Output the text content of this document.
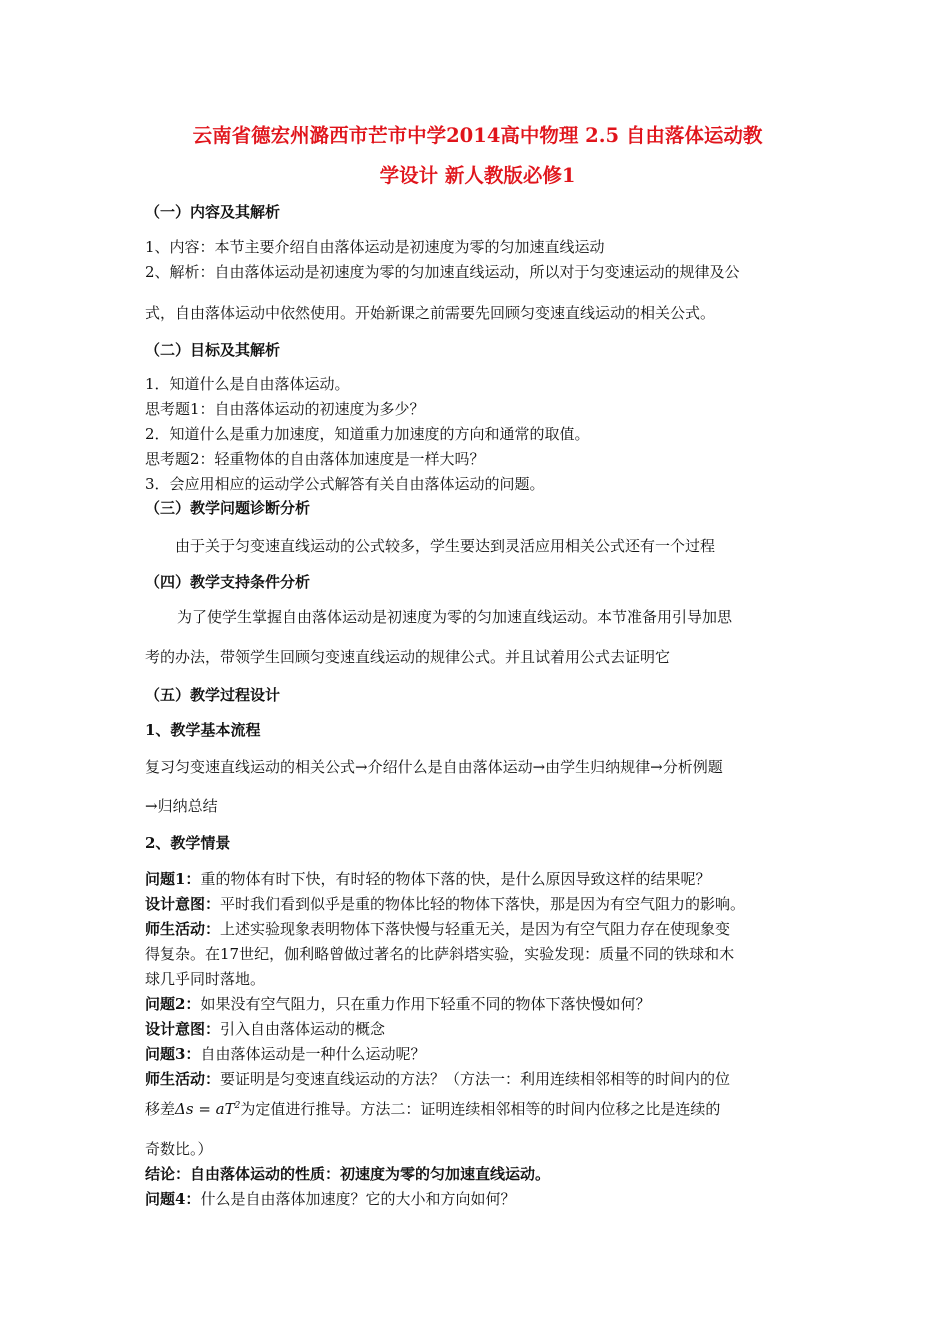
云南省德宏州潞西市芒市中学2014高中物理 2.5 自由落体运动教
学设计 新人教版必修1
（一）内容及其解析
1、内容：本节主要介绍自由落体运动是初速度为零的匀加速直线运动
2、解析：自由落体运动是初速度为零的匀加速直线运动，所以对于匀变速运动的规律及公
式，自由落体运动中依然使用。开始新课之前需要先回顾匀变速直线运动的相关公式。
（二）目标及其解析
1．知道什么是自由落体运动。
思考题1：自由落体运动的初速度为多少？
2．知道什么是重力加速度，知道重力加速度的方向和通常的取值。
思考题2：轻重物体的自由落体加速度是一样大吗？
3．会应用相应的运动学公式解答有关自由落体运动的问题。
（三）教学问题诊断分析
由于关于匀变速直线运动的公式较多，学生要达到灵活应用相关公式还有一个过程
（四）教学支持条件分析
为了使学生掌握自由落体运动是初速度为零的匀加速直线运动。本节准备用引导加思
考的办法，带领学生回顾匀变速直线运动的规律公式。并且试着用公式去证明它
（五）教学过程设计
1、教学基本流程
复习匀变速直线运动的相关公式→介绍什么是自由落体运动→由学生归纳规律→分析例题
→归纳总结
2、教学情景
问题1：重的物体有时下快，有时轻的物体下落的快，是什么原因导致这样的结果呢？
设计意图：平时我们看到似乎是重的物体比轻的物体下落快，那是因为有空气阻力的影响。
师生活动：上述实验现象表明物体下落快慢与轻重无关，是因为有空气阻力存在使现象变
得复杂。在17世纪，伽利略曾做过著名的比萨斜塔实验，实验发现：质量不同的铁球和木
球几乎同时落地。
问题2：如果没有空气阻力，只在重力作用下轻重不同的物体下落快慢如何？
设计意图：引入自由落体运动的概念
问题3：自由落体运动是一种什么运动呢？
师生活动：要证明是匀变速直线运动的方法？（方法一：利用连续相邻相等的时间内的位
移差$\Delta s = aT^2$为定值进行推导。方法二：证明连续相邻相等的时间内位移之比是连续的
奇数比。）
结论：自由落体运动的性质：初速度为零的匀加速直线运动。
问题4：什么是自由落体加速度？它的大小和方向如何？
